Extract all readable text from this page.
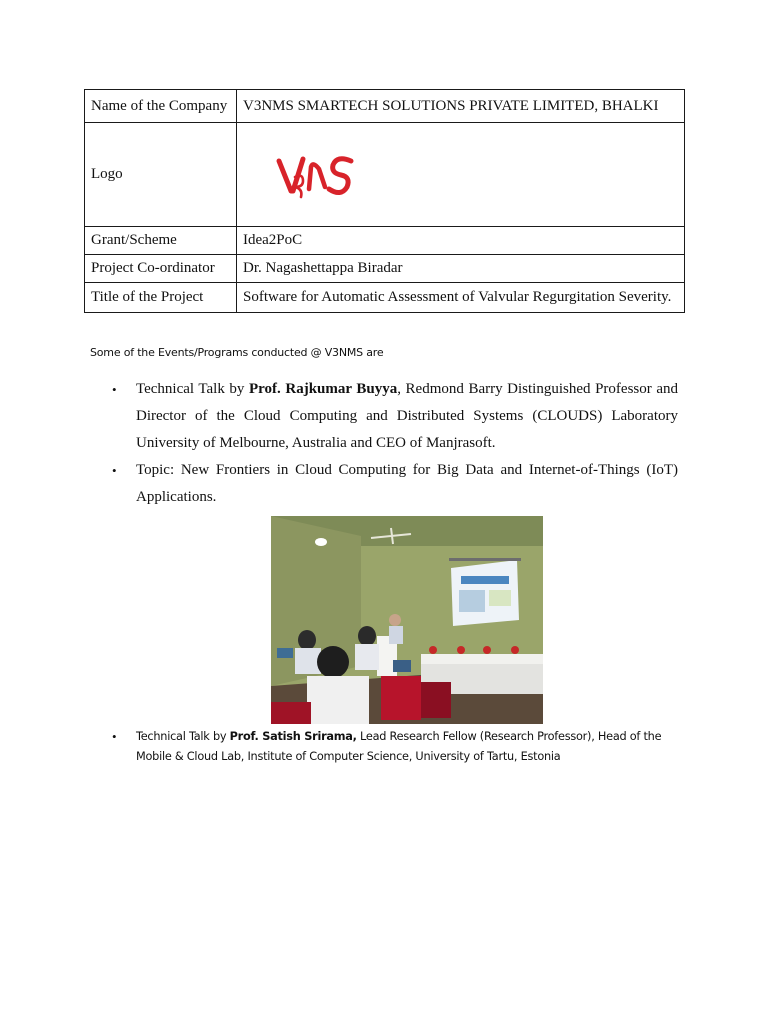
Name of the Company	V3NMS SMARTECH SOLUTIONS PRIVATE LIMITED, BHALKI
Logo	

Grant/Scheme	Idea2PoC
Project Co-ordinator	Dr. Nagashettappa Biradar
Title of the Project	Software for Automatic Assessment of Valvular Regurgitation Severity.

Some of the Events/Programs conducted @ V3NMS are

• Technical Talk by Prof. Rajkumar Buyya, Redmond Barry Distinguished Professor and Director of the Cloud Computing and Distributed Systems (CLOUDS) Laboratory University of Melbourne, Australia and CEO of Manjrasoft.
• Topic: New Frontiers in Cloud Computing for Big Data and Internet-of-Things (IoT) Applications.
• Technical Talk by Prof. Satish Srirama, Lead Research Fellow (Research Professor), Head of the Mobile & Cloud Lab, Institute of Computer Science, University of Tartu, Estonia
